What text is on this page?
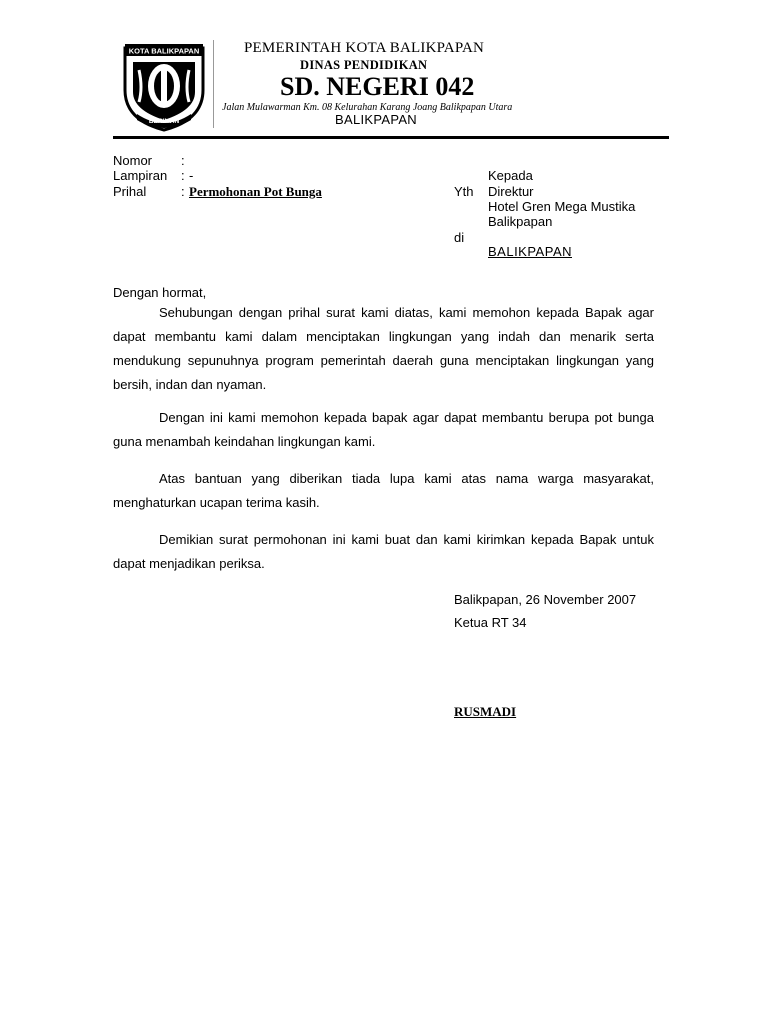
KOTA BALIKPAPAN
BERIMAN
PEMERINTAH KOTA BALIKPAPAN
DINAS PENDIDIKAN
SD. NEGERI 042
Jalan Mulawarman Km. 08 Kelurahan Karang Joang Balikpapan Utara
BALIKPAPAN
Nomor :
Lampiran : -
Prihal	: Permohonan Pot Bunga
Kepada
Yth Direktur
Hotel Gren Mega Mustika
Balikpapan
di
BALIKPAPAN
Dengan hormat,
Sehubungan dengan prihal surat kami diatas, kami memohon kepada Bapak agar dapat membantu kami dalam menciptakan lingkungan yang indah dan menarik serta mendukung sepunuhnya program pemerintah daerah guna menciptakan lingkungan yang bersih, indan dan nyaman.
Dengan ini kami memohon kepada bapak agar dapat membantu berupa pot bunga guna menambah keindahan lingkungan kami.
Atas bantuan yang diberikan tiada lupa kami atas nama warga masyarakat, menghaturkan ucapan terima kasih.
Demikian surat permohonan ini kami buat dan kami kirimkan kepada Bapak untuk dapat menjadikan periksa.
Balikpapan, 26 November 2007
Ketua RT 34
RUSMADI
